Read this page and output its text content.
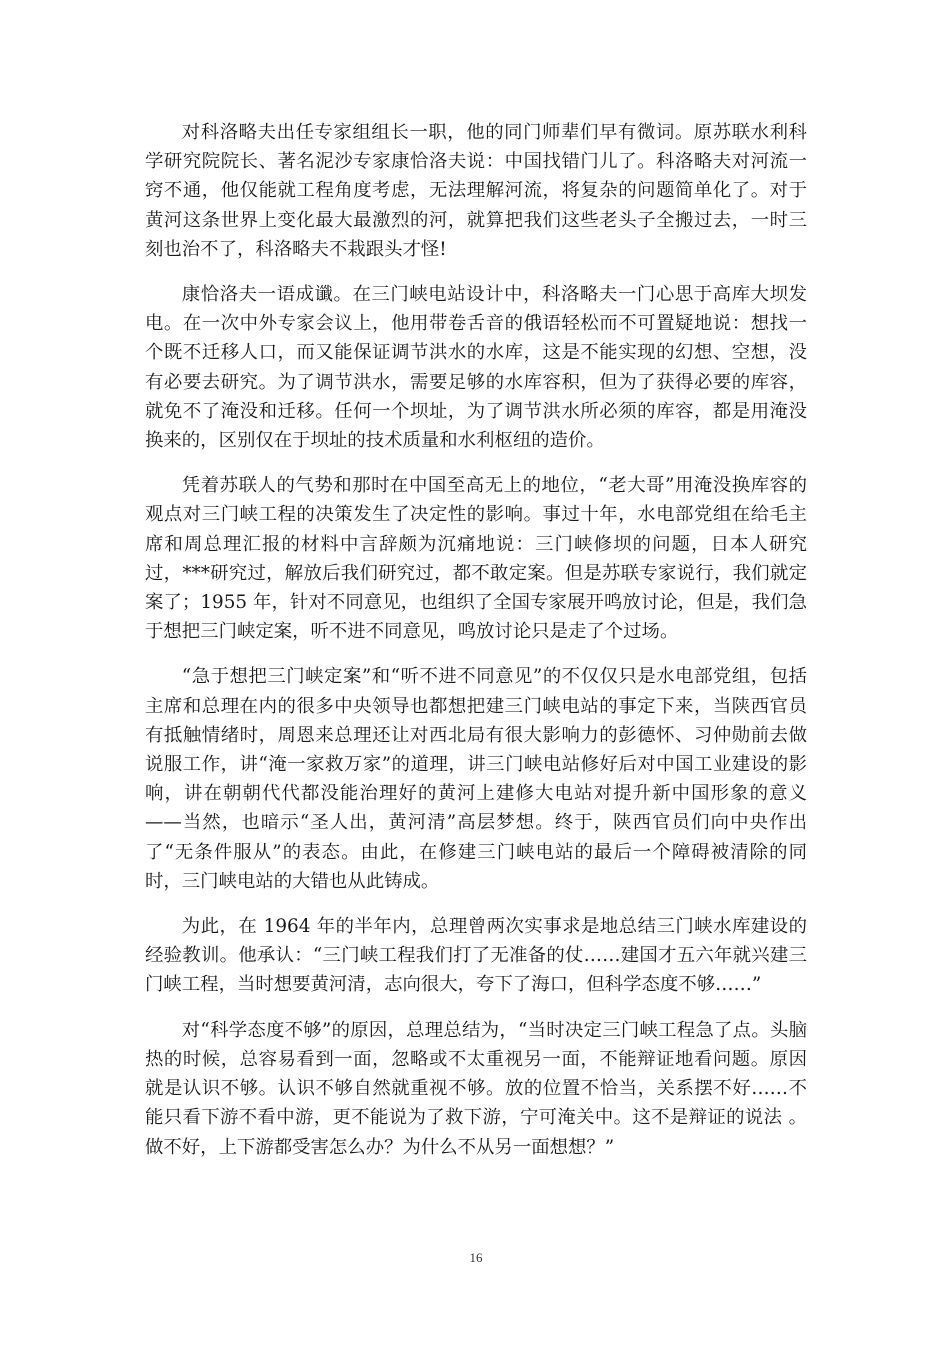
对科洛略夫出任专家组组长一职，他的同门师辈们早有微词。原苏联水利科学研究院院长、著名泥沙专家康恰洛夫说：中国找错门儿了。科洛略夫对河流一窍不通，他仅能就工程角度考虑，无法理解河流，将复杂的问题简单化了。对于黄河这条世界上变化最大最激烈的河，就算把我们这些老头子全搬过去，一时三刻也治不了，科洛略夫不栽跟头才怪!

康恰洛夫一语成谶。在三门峡电站设计中，科洛略夫一门心思于高库大坝发电。在一次中外专家会议上，他用带卷舌音的俄语轻松而不可置疑地说：想找一个既不迁移人口，而又能保证调节洪水的水库，这是不能实现的幻想、空想，没有必要去研究。为了调节洪水，需要足够的水库容积，但为了获得必要的库容，就免不了淹没和迁移。任何一个坝址，为了调节洪水所必须的库容，都是用淹没换来的，区别仅在于坝址的技术质量和水利枢纽的造价。

凭着苏联人的气势和那时在中国至高无上的地位，“老大哥”用淹没换库容的观点对三门峡工程的决策发生了决定性的影响。事过十年，水电部党组在给毛主席和周总理汇报的材料中言辞颇为沉痛地说：三门峡修坝的问题，日本人研究过，***研究过，解放后我们研究过，都不敢定案。但是苏联专家说行，我们就定案了；1955 年，针对不同意见，也组织了全国专家展开鸣放讨论，但是，我们急于想把三门峡定案，听不进不同意见，鸣放讨论只是走了个过场。

“急于想把三门峡定案”和“听不进不同意见”的不仅仅只是水电部党组，包括主席和总理在内的很多中央领导也都想把建三门峡电站的事定下来，当陕西官员有抵触情绪时，周恩来总理还让对西北局有很大影响力的彭德怀、习仲勋前去做说服工作，讲“淹一家救万家”的道理，讲三门峡电站修好后对中国工业建设的影响，讲在朝朝代代都没能治理好的黄河上建修大电站对提升新中国形象的意义——当然，也暗示“圣人出，黄河清”高层梦想。终于，陕西官员们向中央作出了“无条件服从”的表态。由此，在修建三门峡电站的最后一个障碍被清除的同时，三门峡电站的大错也从此铸成。

为此，在 1964 年的半年内，总理曾两次实事求是地总结三门峡水库建设的经验教训。他承认：“三门峡工程我们打了无准备的仗……建国才五六年就兴建三门峡工程，当时想要黄河清，志向很大，夸下了海口，但科学态度不够……”

对“科学态度不够”的原因，总理总结为，“当时决定三门峡工程急了点。头脑热的时候，总容易看到一面，忽略或不太重视另一面，不能辩证地看问题。原因就是认识不够。认识不够自然就重视不够。放的位置不恰当，关系摆不好……不能只看下游不看中游，更不能说为了救下游，宁可淹关中。这不是辩证的说法 。做不好，上下游都受害怎么办？为什么不从另一面想想？”

16
